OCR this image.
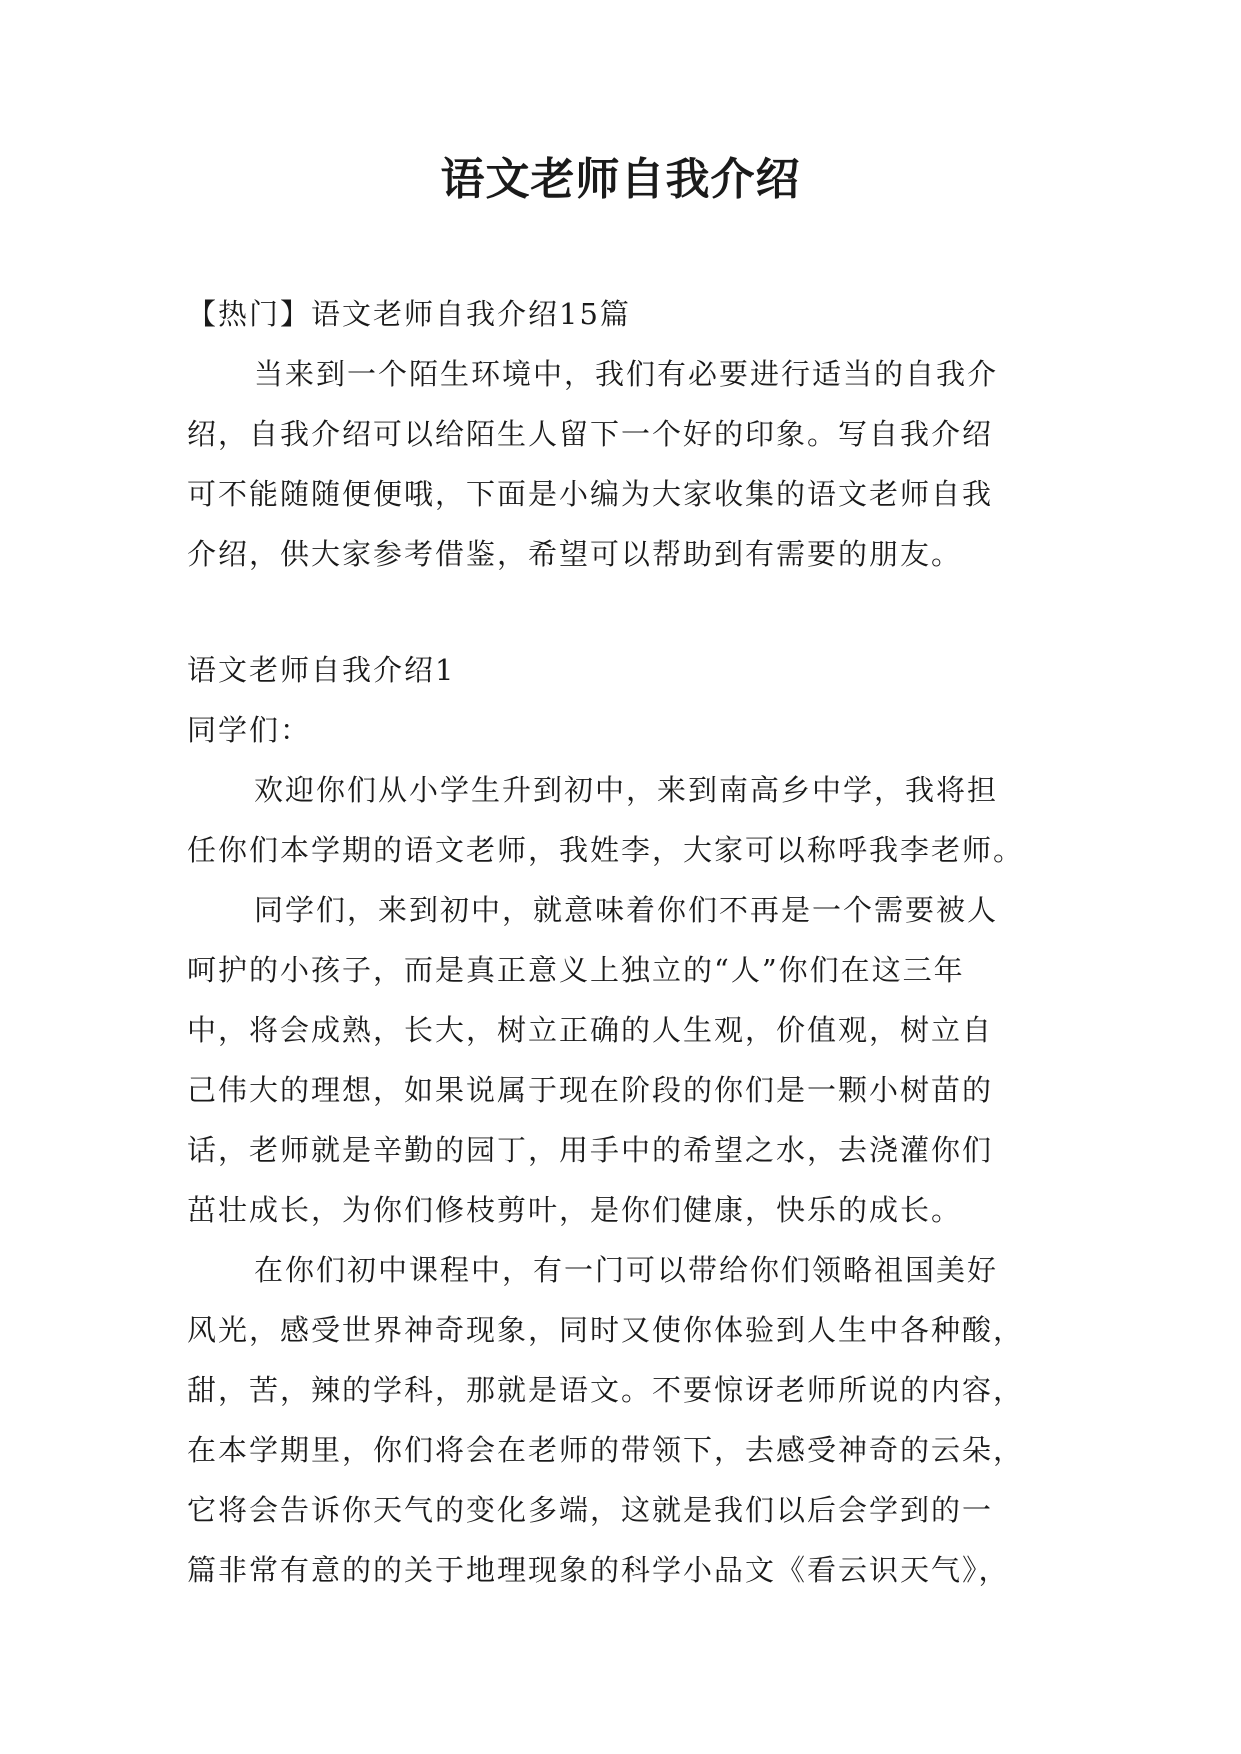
语文老师自我介绍
【热门】语文老师自我介绍15篇
当来到一个陌生环境中，我们有必要进行适当的自我介
绍，自我介绍可以给陌生人留下一个好的印象。写自我介绍
可不能随随便便哦，下面是小编为大家收集的语文老师自我
介绍，供大家参考借鉴，希望可以帮助到有需要的朋友。
语文老师自我介绍1
同学们：
欢迎你们从小学生升到初中，来到南高乡中学，我将担
任你们本学期的语文老师，我姓李，大家可以称呼我李老师。
同学们，来到初中，就意味着你们不再是一个需要被人
呵护的小孩子，而是真正意义上独立的“人”你们在这三年
中，将会成熟，长大，树立正确的人生观，价值观，树立自
己伟大的理想，如果说属于现在阶段的你们是一颗小树苗的
话，老师就是辛勤的园丁，用手中的希望之水，去浇灌你们
茁壮成长，为你们修枝剪叶，是你们健康，快乐的成长。
在你们初中课程中，有一门可以带给你们领略祖国美好
风光，感受世界神奇现象，同时又使你体验到人生中各种酸，
甜，苦，辣的学科，那就是语文。不要惊讶老师所说的内容，
在本学期里，你们将会在老师的带领下，去感受神奇的云朵，
它将会告诉你天气的变化多端，这就是我们以后会学到的一
篇非常有意的的关于地理现象的科学小品文《看云识天气》，
